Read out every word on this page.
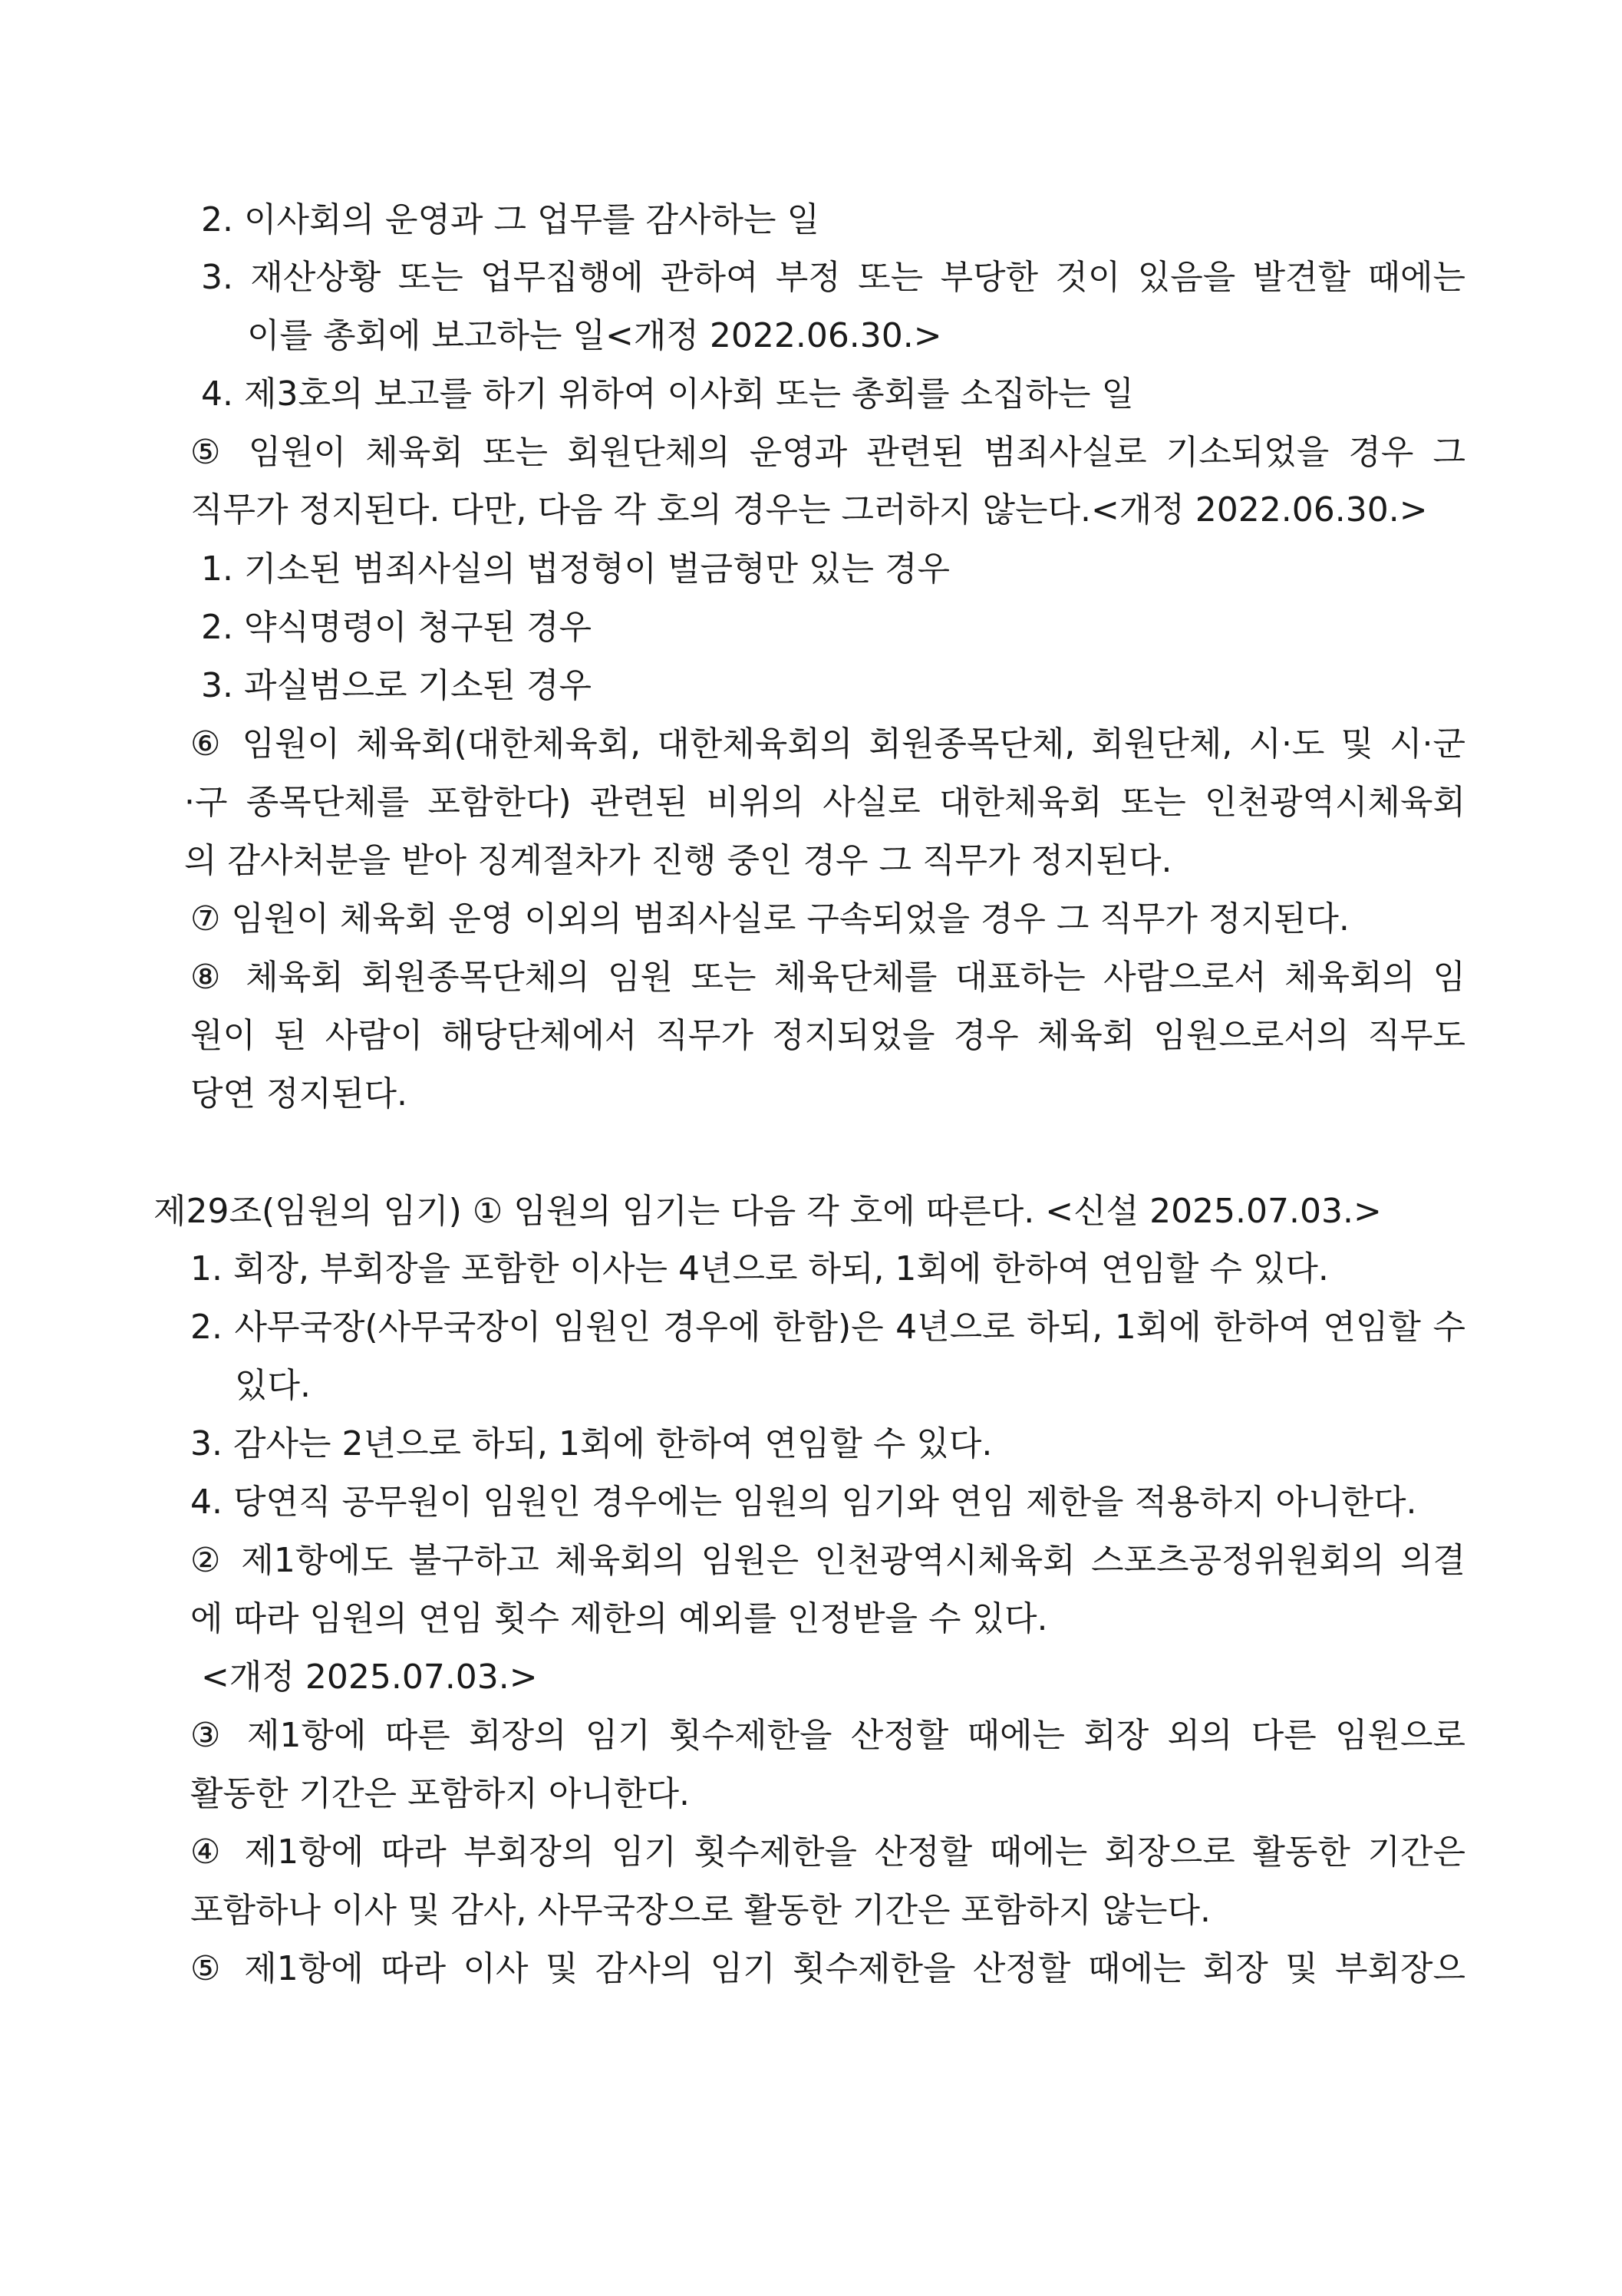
2. 이사회의 운영과 그 업무를 감사하는 일
3. 재산상황 또는 업무집행에 관하여 부정 또는 부당한 것이 있음을 발견할 때에는
이를 총회에 보고하는 일<개정 2022.06.30.>
4. 제3호의 보고를 하기 위하여 이사회 또는 총회를 소집하는 일
⑤ 임원이 체육회 또는 회원단체의 운영과 관련된 범죄사실로 기소되었을 경우 그
직무가 정지된다. 다만, 다음 각 호의 경우는 그러하지 않는다.<개정 2022.06.30.>
1. 기소된 범죄사실의 법정형이 벌금형만 있는 경우
2. 약식명령이 청구된 경우
3. 과실범으로 기소된 경우
⑥ 임원이 체육회(대한체육회, 대한체육회의 회원종목단체, 회원단체, 시·도 및 시·군
·구 종목단체를 포함한다) 관련된 비위의 사실로 대한체육회 또는 인천광역시체육회
의 감사처분을 받아 징계절차가 진행 중인 경우 그 직무가 정지된다.
⑦ 임원이 체육회 운영 이외의 범죄사실로 구속되었을 경우 그 직무가 정지된다.
⑧ 체육회 회원종목단체의 임원 또는 체육단체를 대표하는 사람으로서 체육회의 임
원이 된 사람이 해당단체에서 직무가 정지되었을 경우 체육회 임원으로서의 직무도
당연 정지된다.
제29조(임원의 임기) ① 임원의 임기는 다음 각 호에 따른다. <신설 2025.07.03.>
1. 회장, 부회장을 포함한 이사는 4년으로 하되, 1회에 한하여 연임할 수 있다.
2. 사무국장(사무국장이 임원인 경우에 한함)은 4년으로 하되, 1회에 한하여 연임할 수
있다.
3. 감사는 2년으로 하되, 1회에 한하여 연임할 수 있다.
4. 당연직 공무원이 임원인 경우에는 임원의 임기와 연임 제한을 적용하지 아니한다.
② 제1항에도 불구하고 체육회의 임원은 인천광역시체육회 스포츠공정위원회의 의결
에 따라 임원의 연임 횟수 제한의 예외를 인정받을 수 있다.
<개정 2025.07.03.>
③ 제1항에 따른 회장의 임기 횟수제한을 산정할 때에는 회장 외의 다른 임원으로
활동한 기간은 포함하지 아니한다.
④ 제1항에 따라 부회장의 임기 횟수제한을 산정할 때에는 회장으로 활동한 기간은
포함하나 이사 및 감사, 사무국장으로 활동한 기간은 포함하지 않는다.
⑤ 제1항에 따라 이사 및 감사의 임기 횟수제한을 산정할 때에는 회장 및 부회장으
